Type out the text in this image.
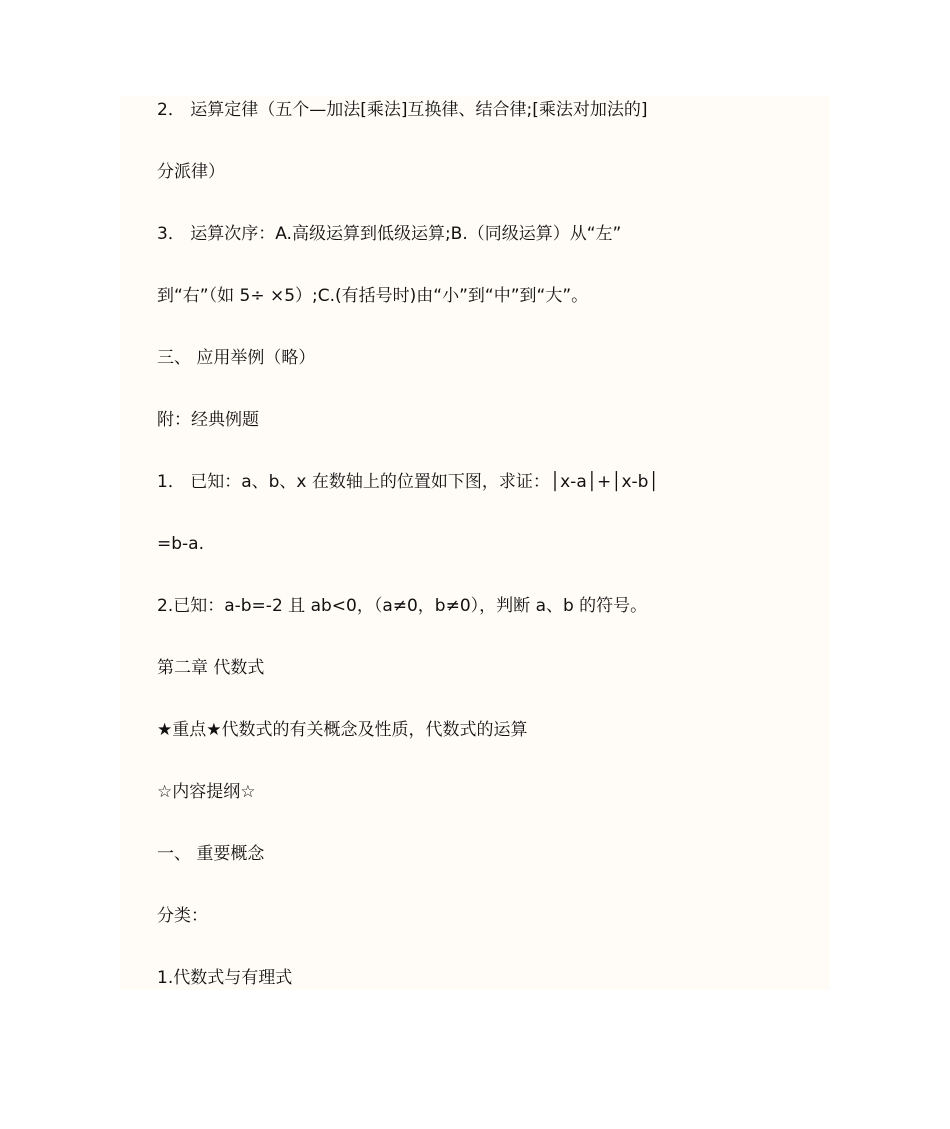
2． 运算定律（五个—加法[乘法]互换律、结合律;[乘法对加法的]
分派律）
3． 运算次序：A.高级运算到低级运算;B.（同级运算）从“左”
到“右”（如 5÷ ×5）;C.(有括号时)由“小”到“中”到“大”。
三、 应用举例（略）
附：经典例题
1． 已知：a、b、x 在数轴上的位置如下图，求证：│x-a│+│x-b│
=b-a.
2.已知：a-b=-2 且 ab<0，（a≠0，b≠0），判断 a、b 的符号。
第二章 代数式
★重点★代数式的有关概念及性质，代数式的运算
☆内容提纲☆
一、 重要概念
分类：
1.代数式与有理式
